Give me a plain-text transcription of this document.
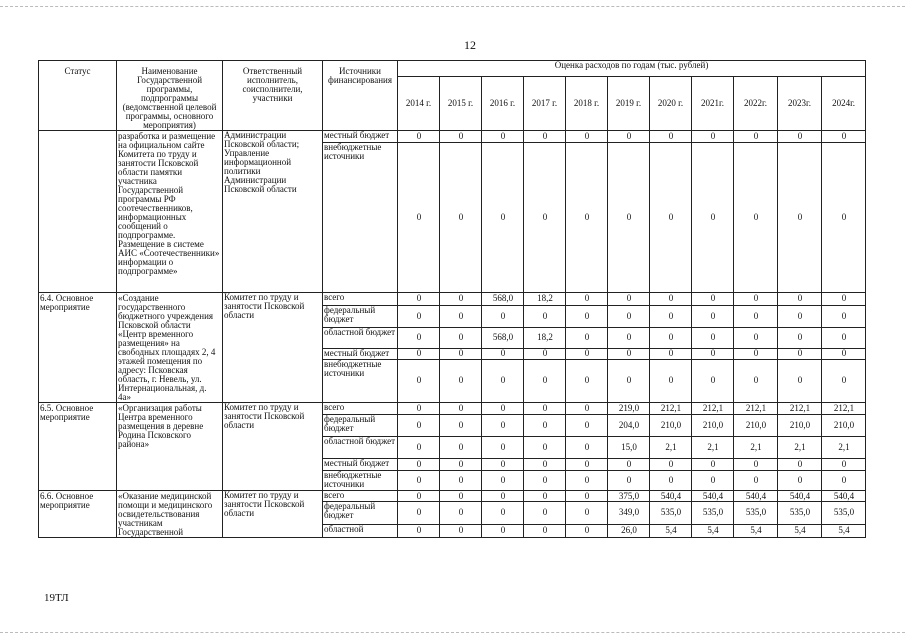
12
Статус	Наименование Государственной программы, подпрограммы (ведомственной целевой программы, основного мероприятия)	Ответственный исполнитель, соисполнители, участники	Источники финансирования	Оценка расходов по годам (тыс. рублей)										
				2014 г.	2015 г.	2016 г.	2017 г.	2018 г.	2019 г.	2020 г.	2021г.	2022г.	2023г.	2024г.
	разработка и размещение на официальном сайте Комитета по труду и занятости Псковской области памятки участника Государственной программы РФ соотечественников, информационных сообщений о подпрограмме. Размещение в системе АИС «Соотечественники» информации о подпрограмме»	Администрации Псковской области; Управление информационной политики Администрации Псковской области	местный бюджет	0	0	0	0	0	0	0	0	0	0	0
			внебюджетные источники	0	0	0	0	0	0	0	0	0	0	0
6.4. Основное мероприятие	«Создание государственного бюджетного учреждения Псковской области «Центр временного размещения» на свободных площадях 2, 4 этажей помещения по адресу: Псковская область, г. Невель, ул. Интернациональная, д. 4а»	Комитет по труду и занятости Псковской области	всего	0	0	568,0	18,2	0	0	0	0	0	0	0
			федеральный бюджет	0	0	0	0	0	0	0	0	0	0	0
			областной бюджет	0	0	568,0	18,2	0	0	0	0	0	0	0
			местный бюджет	0	0	0	0	0	0	0	0	0	0	0
			внебюджетные источники	0	0	0	0	0	0	0	0	0	0	0
6.5. Основное мероприятие	«Организация работы Центра временного размещения в деревне Родина Псковского района»	Комитет по труду и занятости Псковской области	всего	0	0	0	0	0	219,0	212,1	212,1	212,1	212,1	212,1
			федеральный бюджет	0	0	0	0	0	204,0	210,0	210,0	210,0	210,0	210,0
			областной бюджет	0	0	0	0	0	15,0	2,1	2,1	2,1	2,1	2,1
			местный бюджет	0	0	0	0	0	0	0	0	0	0	0
			внебюджетные источники	0	0	0	0	0	0	0	0	0	0	0
6.6. Основное мероприятие	«Оказание медицинской помощи и медицинского освидетельствования участникам Государственной	Комитет по труду и занятости Псковской области	всего	0	0	0	0	0	375,0	540,4	540,4	540,4	540,4	540,4
			федеральный бюджет	0	0	0	0	0	349,0	535,0	535,0	535,0	535,0	535,0
			областной	0	0	0	0	0	26,0	5,4	5,4	5,4	5,4	5,4
19ТЛ
